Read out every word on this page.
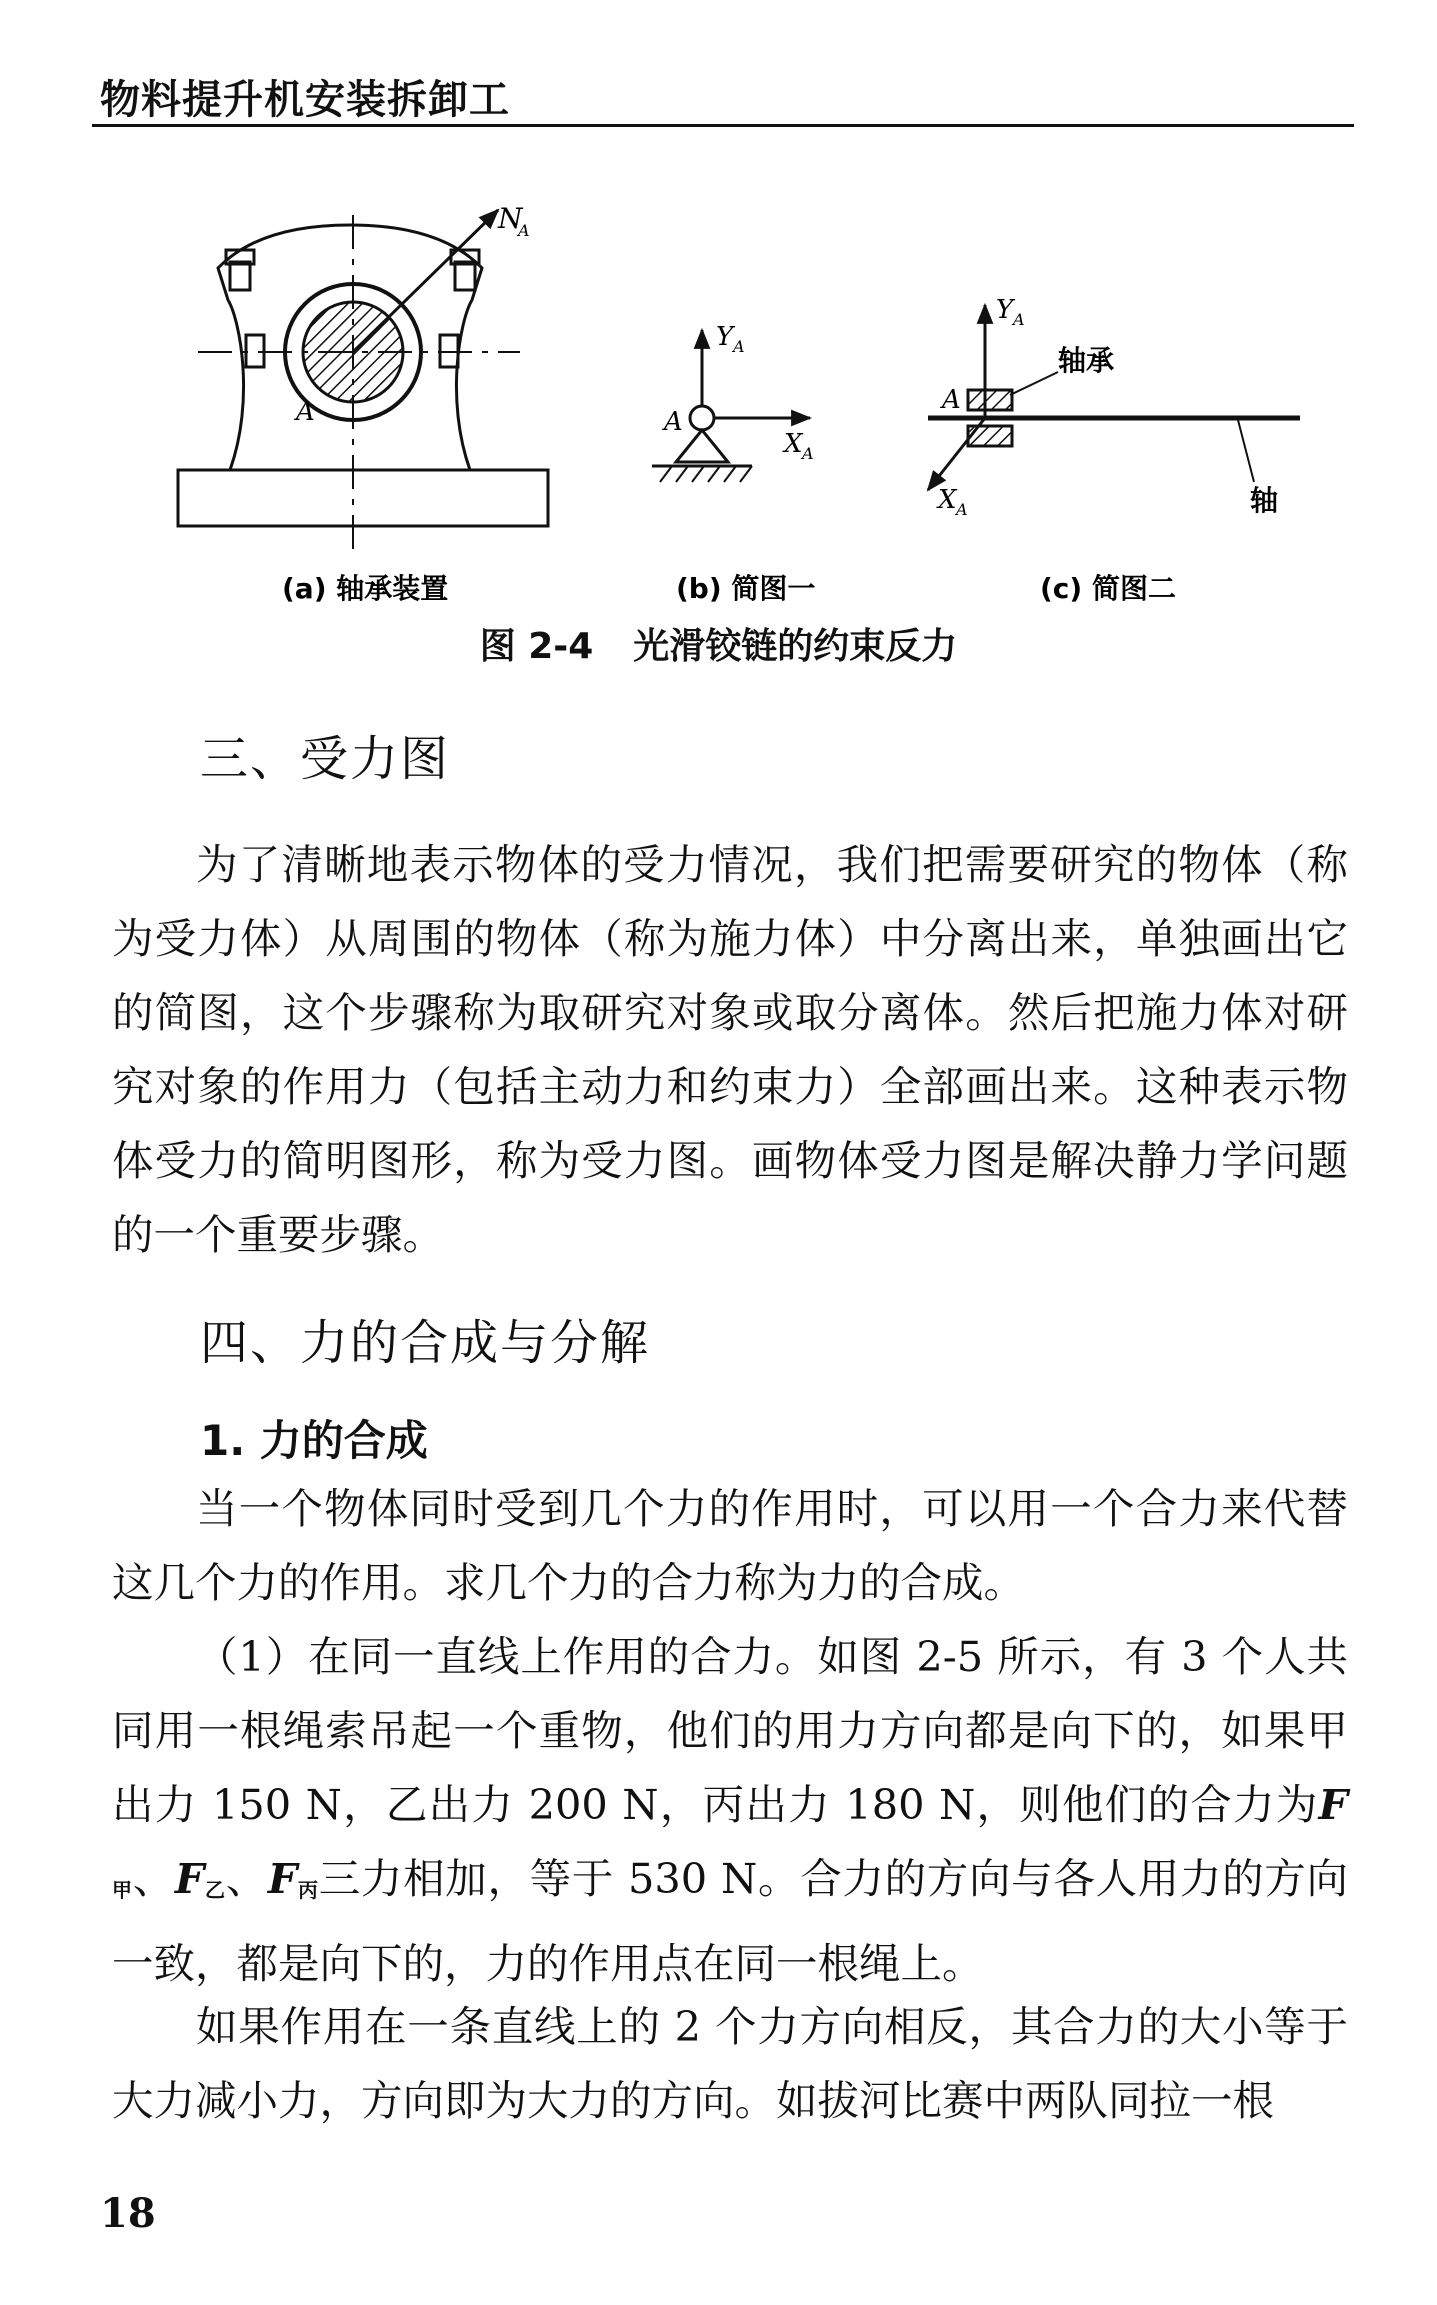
物料提升机安装拆卸工
N
A
A
Y A
A
X A
Y A
A
X A
轴承
轴
(a) 轴承装置	(b) 简图一	(c) 简图二
图 2-4 光滑铰链的约束反力
三、受力图

为了清晰地表示物体的受力情况，我们把需要研究的物体（称为受力体）从周围的物体（称为施力体）中分离出来，单独画出它的简图，这个步骤称为取研究对象或取分离体。然后把施力体对研究对象的作用力（包括主动力和约束力）全部画出来。这种表示物体受力的简明图形，称为受力图。画物体受力图是解决静力学问题的一个重要步骤。

四、力的合成与分解
1. 力的合成

当一个物体同时受到几个力的作用时，可以用一个合力来代替这几个力的作用。求几个力的合力称为力的合成。

（1）在同一直线上作用的合力。如图 2-5 所示，有 3 个人共同用一根绳索吊起一个重物，他们的用力方向都是向下的，如果甲出力 150 N，乙出力 200 N，丙出力 180 N，则他们的合力为$F_甲$、$F_乙$、$F_丙$三力相加，等于 530 N。合力的方向与各人用力的方向一致，都是向下的，力的作用点在同一根绳上。

如果作用在一条直线上的 2 个力方向相反，其合力的大小等于大力减小力，方向即为大力的方向。如拔河比赛中两队同拉一根

18
